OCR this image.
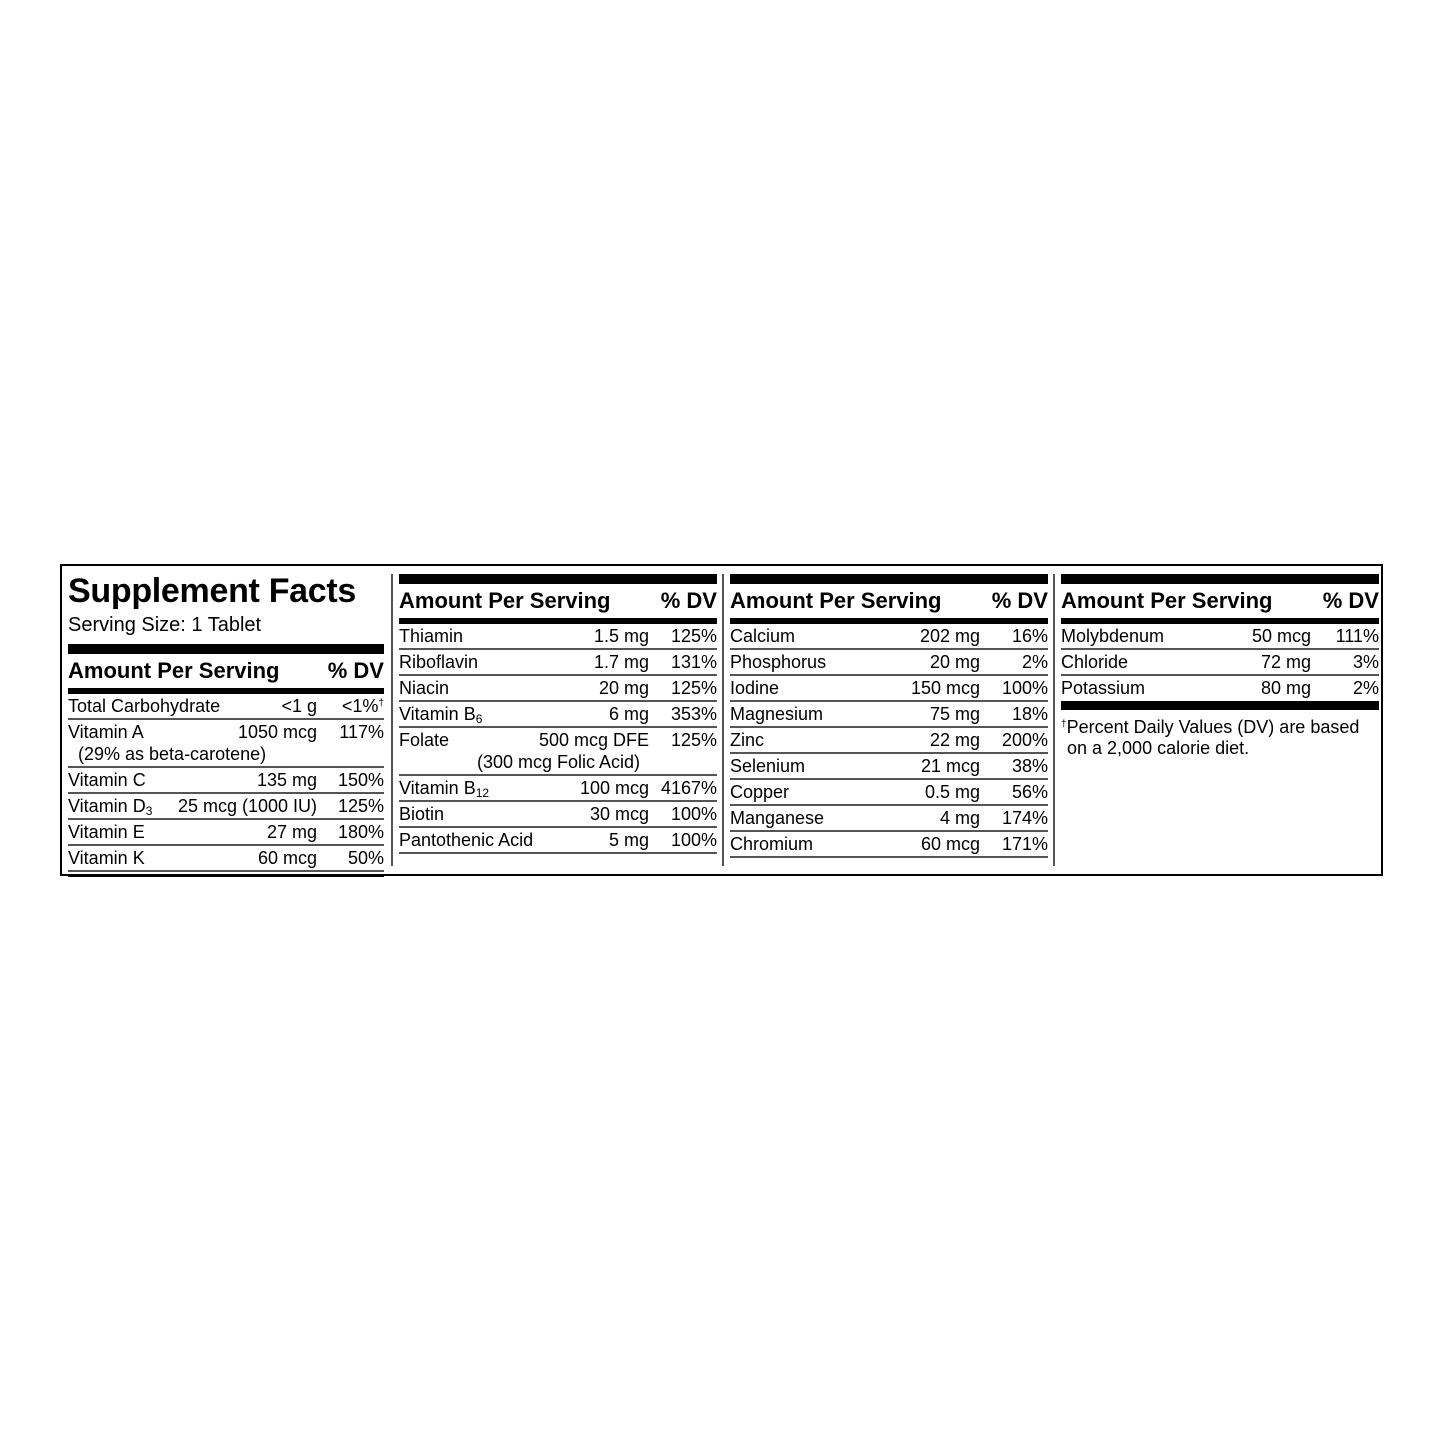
Supplement Facts
Serving Size: 1 Tablet
Amount Per Serving % DV
Total Carbohydrate	<1 g <1%†
Vitamin A	1050 mcg 117%
(29% as beta-carotene)
Vitamin C	135 mg 150%
Vitamin $D_3$ 25 mcg (1000 IU) 125%
Vitamin E	27 mg 180%
Vitamin K	60 mcg 50%
Amount Per Serving % DV
Thiamin	1.5 mg 125%
Riboflavin	1.7 mg 131%
Niacin	20 mg 125%
Vitamin $B_6$	6 mg 353%
Folate	500 mcg DFE 125%
(300 mcg Folic Acid)
Vitamin $B_{12}$	100 mcg 4167%
Biotin	30 mcg 100%
Pantothenic Acid	5 mg 100%
Amount Per Serving % DV
Calcium	202 mg 16%
Phosphorus	20 mg 2%
Iodine	150 mcg 100%
Magnesium	75 mg 18%
Zinc	22 mg 200%
Selenium	21 mcg 38%
Copper	0.5 mg 56%
Manganese	4 mg 174%
Chromium	60 mcg 171%
Amount Per Serving % DV
Molybdenum	50 mcg 111%
Chloride	72 mg 3%
Potassium	80 mg 2%
†Percent Daily Values (DV) are based
on a 2,000 calorie diet.
